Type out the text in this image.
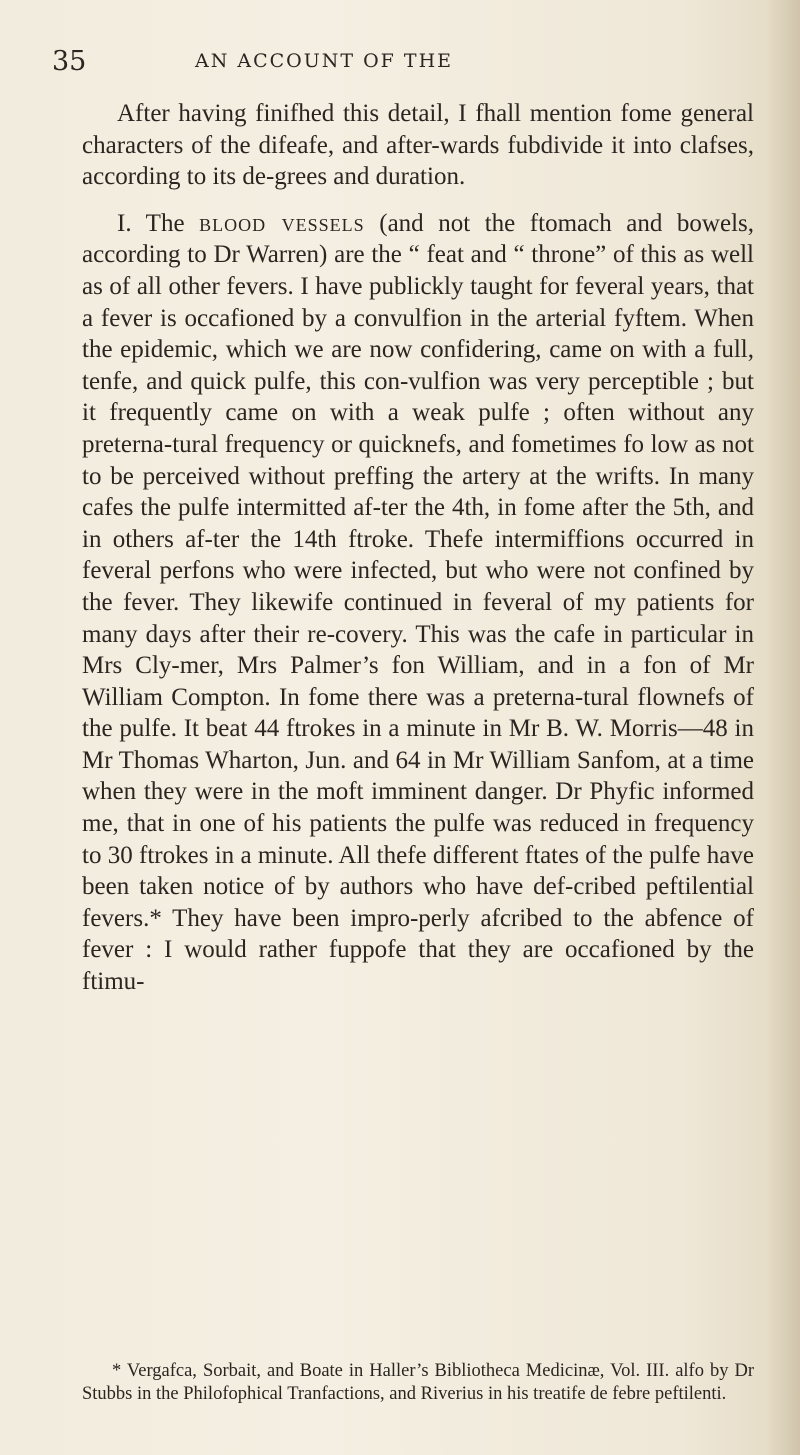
35	AN ACCOUNT OF THE

After having finifhed this detail, I fhall mention fome general characters of the difeafe, and after-wards fubdivide it into clafses, according to its de-grees and duration.

I. The blood vessels (and not the ftomach and bowels, according to Dr Warren) are the “ feat and “ throne” of this as well as of all other fevers. I have publickly taught for feveral years, that a fever is occafioned by a convulfion in the arterial fyftem. When the epidemic, which we are now confidering, came on with a full, tenfe, and quick pulfe, this con-vulfion was very perceptible ; but it frequently came on with a weak pulfe ; often without any preterna-tural frequency or quicknefs, and fometimes fo low as not to be perceived without preffing the artery at the wrifts. In many cafes the pulfe intermitted af-ter the 4th, in fome after the 5th, and in others af-ter the 14th ftroke. Thefe intermiffions occurred in feveral perfons who were infected, but who were not confined by the fever. They likewife continued in feveral of my patients for many days after their re-covery. This was the cafe in particular in Mrs Cly-mer, Mrs Palmer’s fon William, and in a fon of Mr William Compton. In fome there was a preterna-tural flownefs of the pulfe. It beat 44 ftrokes in a minute in Mr B. W. Morris—48 in Mr Thomas Wharton, Jun. and 64 in Mr William Sanfom, at a time when they were in the moft imminent danger. Dr Phyfic informed me, that in one of his patients the pulfe was reduced in frequency to 30 ftrokes in a minute. All thefe different ftates of the pulfe have been taken notice of by authors who have def-cribed peftilential fevers.* They have been impro-perly afcribed to the abfence of fever : I would rather fuppofe that they are occafioned by the ftimu-

* Vergafca, Sorbait, and Boate in Haller’s Bibliotheca Medicinæ, Vol. III. alfo by Dr Stubbs in the Philofophical Tranfactions, and Riverius in his treatife de febre peftilenti.
